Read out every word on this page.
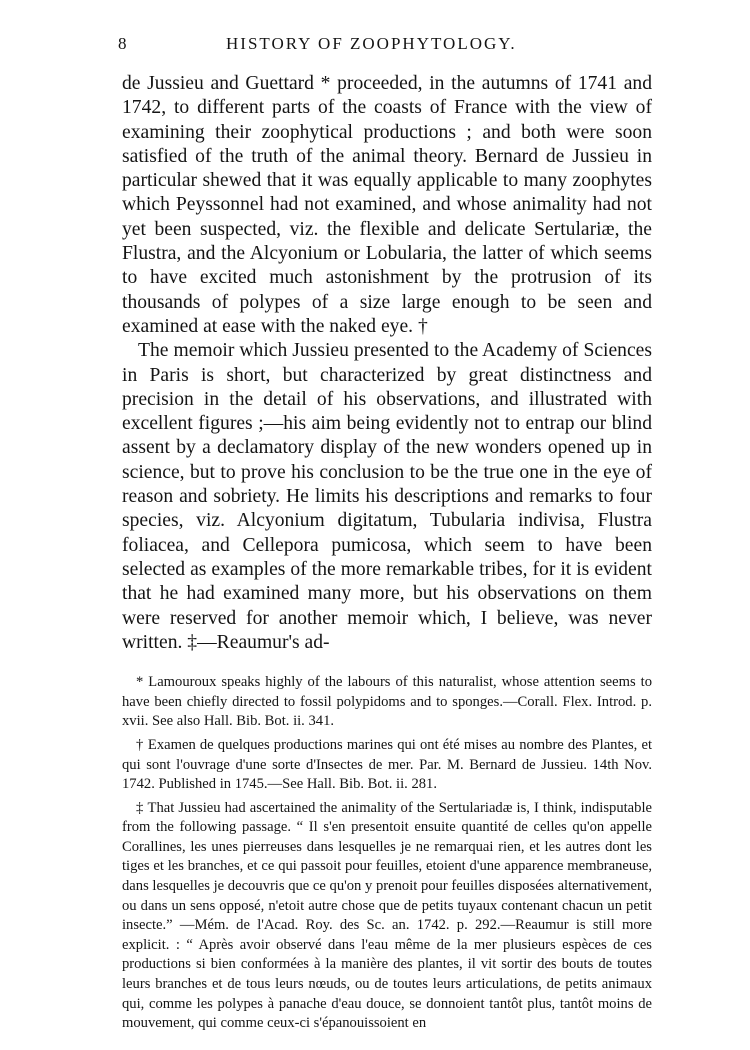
8	HISTORY OF ZOOPHYTOLOGY.

de Jussieu and Guettard * proceeded, in the autumns of 1741 and 1742, to different parts of the coasts of France with the view of examining their zoophytical productions ; and both were soon satisfied of the truth of the animal theory. Bernard de Jussieu in particular shewed that it was equally applicable to many zoophytes which Peyssonnel had not examined, and whose animality had not yet been suspected, viz. the flexible and delicate Sertulariæ, the Flustra, and the Alcyonium or Lobularia, the latter of which seems to have excited much astonishment by the protrusion of its thousands of polypes of a size large enough to be seen and examined at ease with the naked eye. †

The memoir which Jussieu presented to the Academy of Sciences in Paris is short, but characterized by great distinctness and precision in the detail of his observations, and illustrated with excellent figures ;—his aim being evidently not to entrap our blind assent by a declamatory display of the new wonders opened up in science, but to prove his conclusion to be the true one in the eye of reason and sobriety. He limits his descriptions and remarks to four species, viz. Alcyonium digitatum, Tubularia indivisa, Flustra foliacea, and Cellepora pumicosa, which seem to have been selected as examples of the more remarkable tribes, for it is evident that he had examined many more, but his observations on them were reserved for another memoir which, I believe, was never written. ‡—Reaumur's ad-

* Lamouroux speaks highly of the labours of this naturalist, whose attention seems to have been chiefly directed to fossil polypidoms and to sponges.—Corall. Flex. Introd. p. xvii. See also Hall. Bib. Bot. ii. 341.

† Examen de quelques productions marines qui ont été mises au nombre des Plantes, et qui sont l'ouvrage d'une sorte d'Insectes de mer. Par. M. Bernard de Jussieu. 14th Nov. 1742. Published in 1745.—See Hall. Bib. Bot. ii. 281.

‡ That Jussieu had ascertained the animality of the Sertulariadæ is, I think, indisputable from the following passage. “ Il s'en presentoit ensuite quantité de celles qu'on appelle Corallines, les unes pierreuses dans lesquelles je ne remarquai rien, et les autres dont les tiges et les branches, et ce qui passoit pour feuilles, etoient d'une apparence membraneuse, dans lesquelles je decouvris que ce qu'on y prenoit pour feuilles disposées alternativement, ou dans un sens opposé, n'etoit autre chose que de petits tuyaux contenant chacun un petit insecte.” —Mém. de l'Acad. Roy. des Sc. an. 1742. p. 292.—Reaumur is still more explicit. : “ Après avoir observé dans l'eau même de la mer plusieurs espèces de ces productions si bien conformées à la manière des plantes, il vit sortir des bouts de toutes leurs branches et de tous leurs nœuds, ou de toutes leurs articulations, de petits animaux qui, comme les polypes à panache d'eau douce, se donnoient tantôt plus, tantôt moins de mouvement, qui comme ceux-ci s'épanouissoient en
